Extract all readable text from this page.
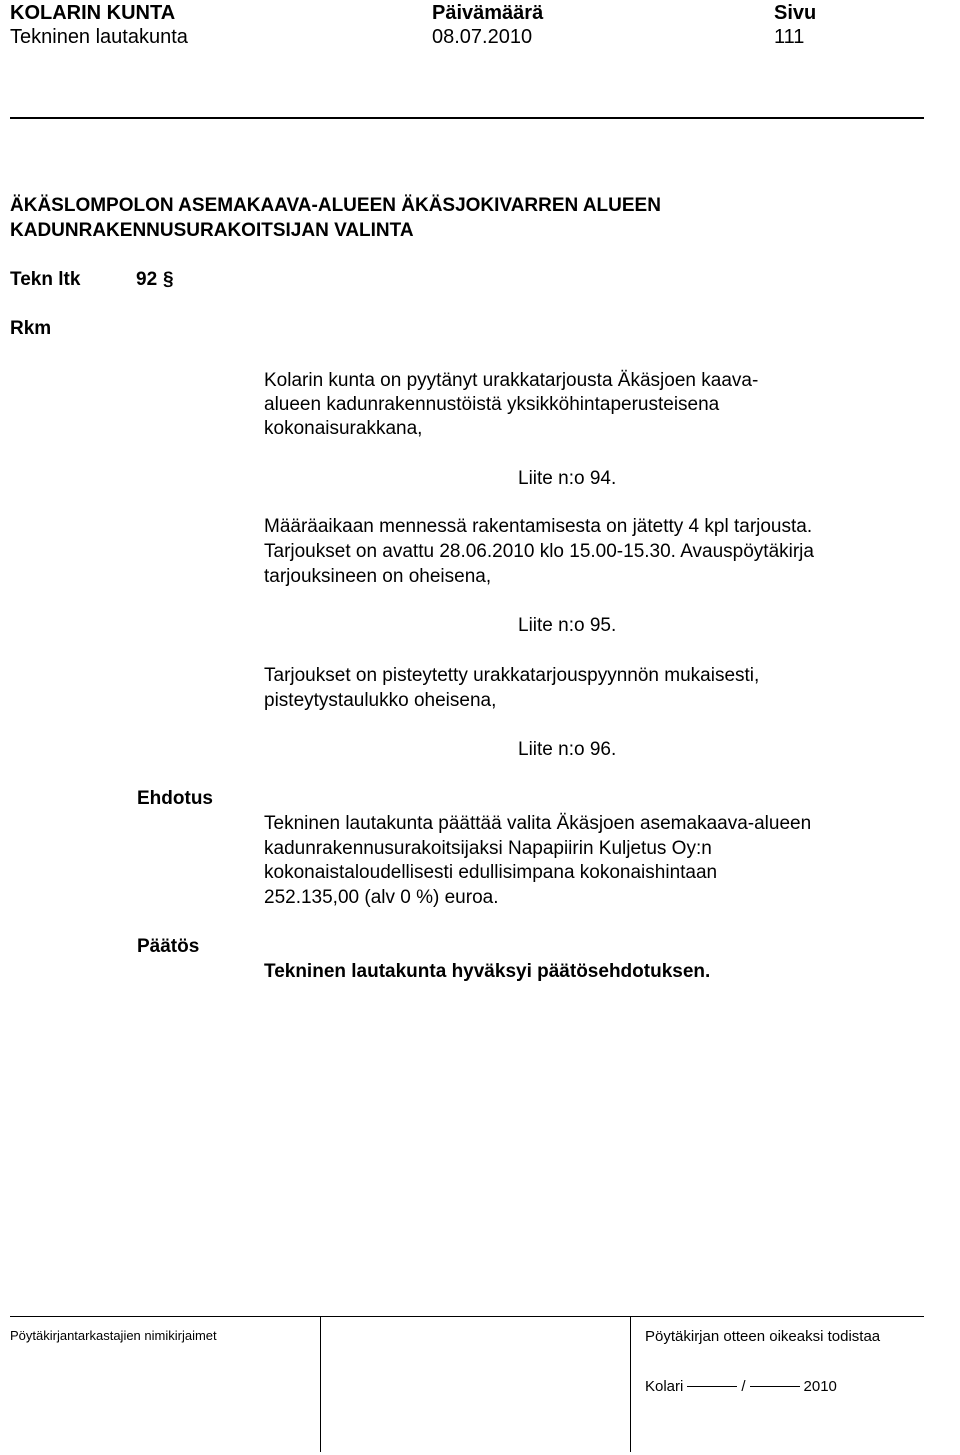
KOLARIN KUNTA	Päivämäärä	Sivu
Tekninen lautakunta	08.07.2010	111
ÄKÄSLOMPOLON ASEMAKAAVA-ALUEEN ÄKÄSJOKIVARREN ALUEEN
KADUNRAKENNUSURAKOITSIJAN VALINTA
Tekn ltk	92 §
Rkm
Kolarin kunta on pyytänyt urakkatarjousta Äkäsjoen kaava-
alueen kadunrakennustöistä yksikköhintaperusteisena
kokonaisurakkana,
Liite n:o 94.
Määräaikaan mennessä rakentamisesta on jätetty 4 kpl tarjousta.
Tarjoukset on avattu 28.06.2010 klo 15.00-15.30. Avauspöytäkirja
tarjouksineen on oheisena,
Liite n:o 95.
Tarjoukset on pisteytetty urakkatarjouspyynnön mukaisesti,
pisteytystaulukko oheisena,
Liite n:o 96.
Ehdotus
Tekninen lautakunta päättää valita Äkäsjoen asemakaava-alueen
kadunrakennusurakoitsijaksi Napapiirin Kuljetus Oy:n
kokonaistaloudellisesti edullisimpana kokonaishintaan
252.135,00 (alv 0 %) euroa.
Päätös
Tekninen lautakunta hyväksyi päätösehdotuksen.
Pöytäkirjantarkastajien nimikirjaimet	Pöytäkirjan otteen oikeaksi todistaa
Kolari	/	2010
